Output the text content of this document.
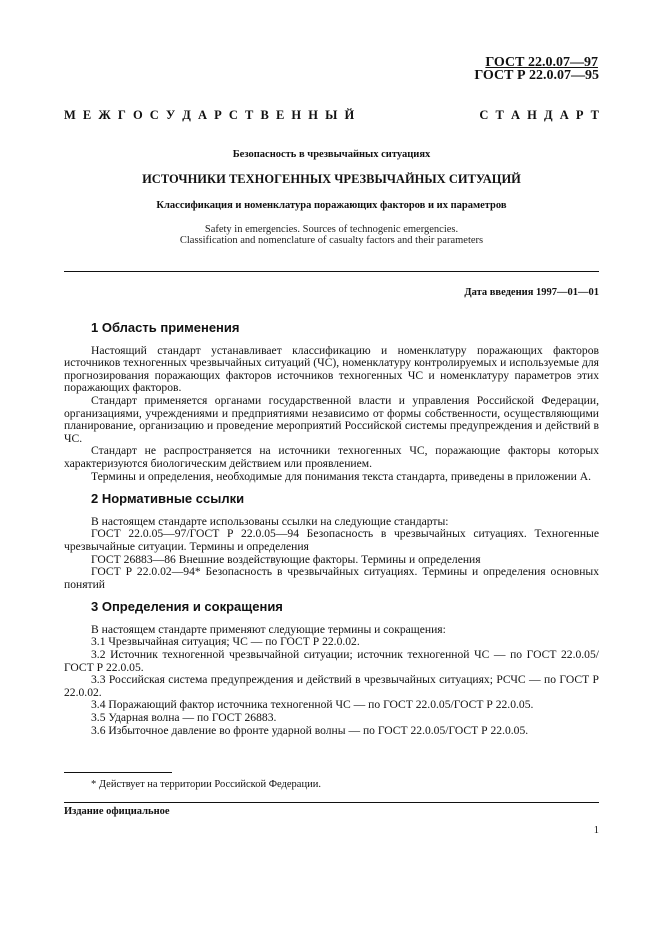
ГОСТ 22.0.07—97
ГОСТ Р 22.0.07—95
М Е Ж Г О С У Д А Р С Т В Е Н Н Ы Й	С Т А Н Д А Р Т
Безопасность в чрезвычайных ситуациях
ИСТОЧНИКИ ТЕХНОГЕННЫХ ЧРЕЗВЫЧАЙНЫХ СИТУАЦИЙ
Классификация и номенклатура поражающих факторов и их параметров
Safety in emergencies. Sources of technogenic emergencies.
Classification and nomenclature of casualty factors and their parameters
Дата введения 1997—01—01
1 Область применения

Настоящий стандарт устанавливает классификацию и номенклатуру поражающих факторов источников техногенных чрезвычайных ситуаций (ЧС), номенклатуру контролируемых и используемые для прогнозирования поражающих факторов источников техногенных ЧС и номенклатуру параметров этих поражающих факторов.

Стандарт применяется органами государственной власти и управления Российской Федерации, организациями, учреждениями и предприятиями независимо от формы собственности, осуществляющими планирование, организацию и проведение мероприятий Российской системы предупреждения и действий в ЧС.

Стандарт не распространяется на источники техногенных ЧС, поражающие факторы которых характеризуются биологическим действием или проявлением.

Термины и определения, необходимые для понимания текста стандарта, приведены в приложении А.

2 Нормативные ссылки

В настоящем стандарте использованы ссылки на следующие стандарты:

ГОСТ 22.0.05—97/ГОСТ Р 22.0.05—94 Безопасность в чрезвычайных ситуациях. Техногенные чрезвычайные ситуации. Термины и определения

ГОСТ 26883—86 Внешние воздействующие факторы. Термины и определения

ГОСТ Р 22.0.02—94* Безопасность в чрезвычайных ситуациях. Термины и определения основных понятий

3 Определения и сокращения

В настоящем стандарте применяют следующие термины и сокращения:

3.1 Чрезвычайная ситуация; ЧС — по ГОСТ Р 22.0.02.

3.2 Источник техногенной чрезвычайной ситуации; источник техногенной ЧС — по ГОСТ 22.0.05/ГОСТ Р 22.0.05.

3.3 Российская система предупреждения и действий в чрезвычайных ситуациях; РСЧС — по ГОСТ Р 22.0.02.

3.4 Поражающий фактор источника техногенной ЧС — по ГОСТ 22.0.05/ГОСТ Р 22.0.05.

3.5 Ударная волна — по ГОСТ 26883.

3.6 Избыточное давление во фронте ударной волны — по ГОСТ 22.0.05/ГОСТ Р 22.0.05.

* Действует на территории Российской Федерации.
Издание официальное
1
